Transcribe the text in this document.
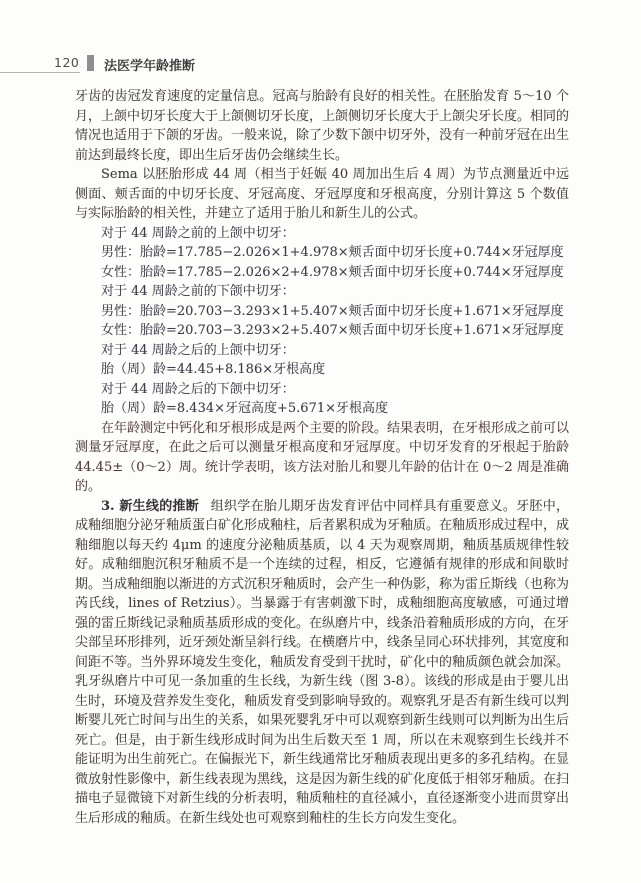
120 法医学年龄推断

牙齿的齿冠发育速度的定量信息。冠高与胎龄有良好的相关性。在胚胎发育 5～10 个月，上颌中切牙长度大于上颌侧切牙长度，上颌侧切牙长度大于上颌尖牙长度。相同的情况也适用于下颌的牙齿。一般来说，除了少数下颌中切牙外，没有一种前牙冠在出生前达到最终长度，即出生后牙齿仍会继续生长。

Sema 以胚胎形成 44 周（相当于妊娠 40 周加出生后 4 周）为节点测量近中远侧面、颊舌面的中切牙长度、牙冠高度、牙冠厚度和牙根高度，分别计算这 5 个数值与实际胎龄的相关性，并建立了适用于胎儿和新生儿的公式。

对于 44 周龄之前的上颌中切牙：
男性：胎龄=17.785−2.026×1+4.978×颊舌面中切牙长度+0.744×牙冠厚度
女性：胎龄=17.785−2.026×2+4.978×颊舌面中切牙长度+0.744×牙冠厚度
对于 44 周龄之前的下颌中切牙：
男性：胎龄=20.703−3.293×1+5.407×颊舌面中切牙长度+1.671×牙冠厚度
女性：胎龄=20.703−3.293×2+5.407×颊舌面中切牙长度+1.671×牙冠厚度
对于 44 周龄之后的上颌中切牙：
胎（周）龄=44.45+8.186×牙根高度
对于 44 周龄之后的下颌中切牙：
胎（周）龄=8.434×牙冠高度+5.671×牙根高度

在年龄测定中钙化和牙根形成是两个主要的阶段。结果表明，在牙根形成之前可以测量牙冠厚度，在此之后可以测量牙根高度和牙冠厚度。中切牙发育的牙根起于胎龄 44.45±（0～2）周。统计学表明，该方法对胎儿和婴儿年龄的估计在 0～2 周是准确的。

3. 新生线的推断 组织学在胎儿期牙齿发育评估中同样具有重要意义。牙胚中，成釉细胞分泌牙釉质蛋白矿化形成釉柱，后者累积成为牙釉质。在釉质形成过程中，成釉细胞以每天约 4μm 的速度分泌釉质基质，以 4 天为观察周期，釉质基质规律性较好。成釉细胞沉积牙釉质不是一个连续的过程，相反，它遵循有规律的形成和间歇时期。当成釉细胞以渐进的方式沉积牙釉质时，会产生一种伪影，称为雷丘斯线（也称为芮氏线，lines of Retzius）。当暴露于有害刺激下时，成釉细胞高度敏感，可通过增强的雷丘斯线记录釉质基质形成的变化。在纵磨片中，线条沿着釉质形成的方向，在牙尖部呈环形排列，近牙颈处渐呈斜行线。在横磨片中，线条呈同心环状排列，其宽度和间距不等。当外界环境发生变化，釉质发育受到干扰时，矿化中的釉质颜色就会加深。乳牙纵磨片中可见一条加重的生长线，为新生线（图 3-8）。该线的形成是由于婴儿出生时，环境及营养发生变化，釉质发育受到影响导致的。观察乳牙是否有新生线可以判断婴儿死亡时间与出生的关系，如果死婴乳牙中可以观察到新生线则可以判断为出生后死亡。但是，由于新生线形成时间为出生后数天至 1 周，所以在未观察到生长线并不能证明为出生前死亡。在偏振光下，新生线通常比牙釉质表现出更多的多孔结构。在显微放射性影像中，新生线表现为黑线，这是因为新生线的矿化度低于相邻牙釉质。在扫描电子显微镜下对新生线的分析表明，釉质釉柱的直径减小，直径逐渐变小进而贯穿出生后形成的釉质。在新生线处也可观察到釉柱的生长方向发生变化。
